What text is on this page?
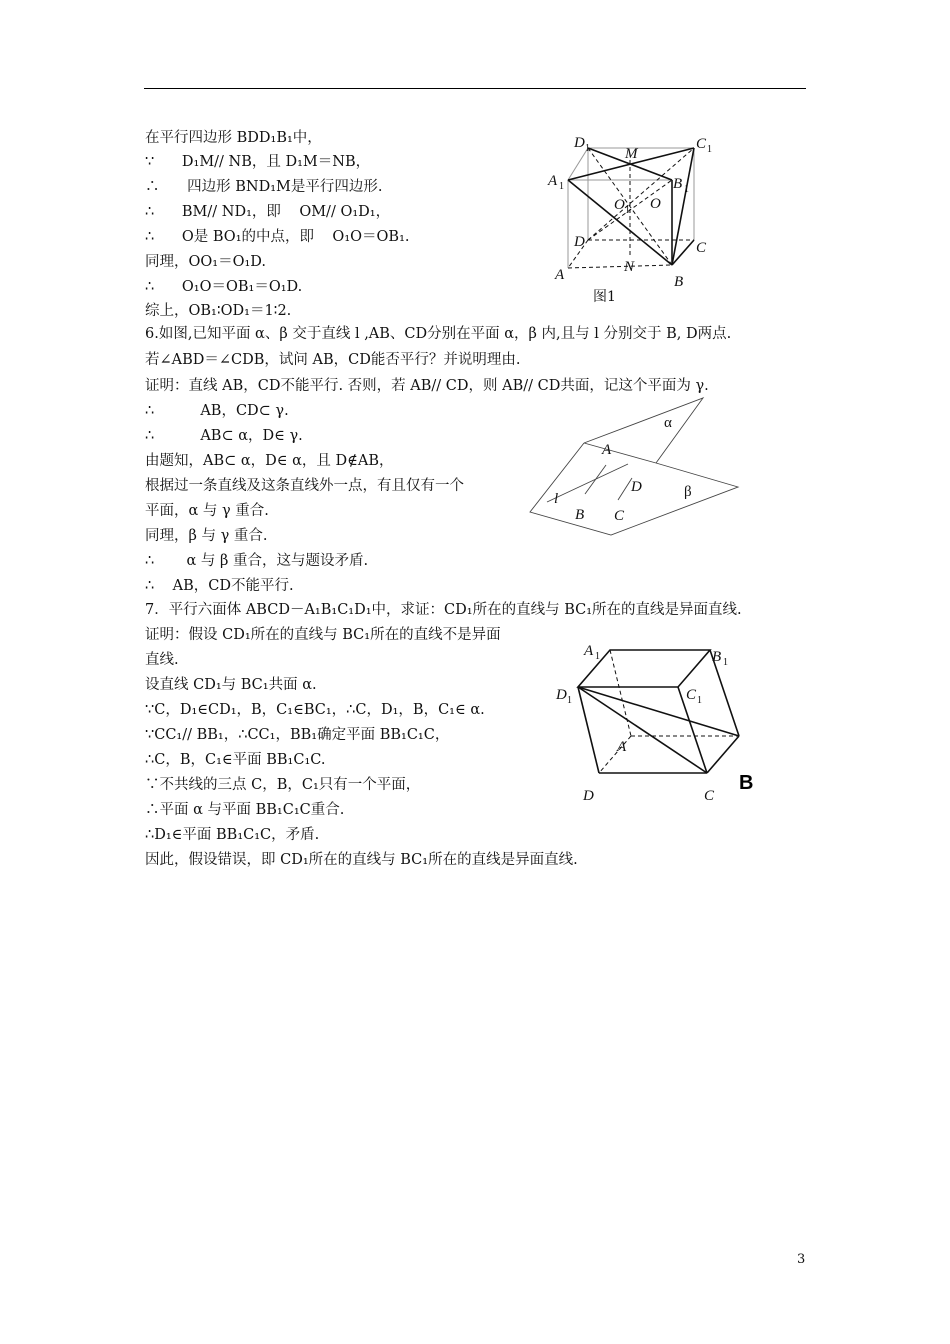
在平行四边形 BDD₁B₁中，
∵      D₁M// NB，且 D₁M＝NB，
∴      四边形 BND₁M是平行四边形.
∴      BM// ND₁，即    OM// O₁D₁，
∴      O是 BO₁的中点，即    O₁O＝OB₁.
同理，OO₁＝O₁D.
∴      O₁O＝OB₁＝O₁D.
综上，OB₁∶OD₁＝1∶2.
6.如图,已知平面 α、β 交于直线 l ,AB、CD分别在平面 α，β 内,且与 l 分别交于 B, D两点.
若∠ABD＝∠CDB，试问 AB，CD能否平行？并说明理由.
证明：直线 AB，CD不能平行. 否则，若 AB// CD，则 AB// CD共面，记这个平面为 γ.
∴          AB，CD⊂ γ.
∴          AB⊂ α，D∈ γ.
由题知，AB⊂ α，D∈ α，且 D∉AB，
根据过一条直线及这条直线外一点，有且仅有一个
平面，α 与 γ 重合.
同理，β 与 γ 重合.
∴       α 与 β 重合，这与题设矛盾.
∴    AB，CD不能平行.
7．平行六面体 ABCD－A₁B₁C₁D₁中，求证：CD₁所在的直线与 BC₁所在的直线是异面直线.
证明：假设 CD₁所在的直线与 BC₁所在的直线不是异面
直线.
设直线 CD₁与 BC₁共面 α.
∵C，D₁∈CD₁，B，C₁∈BC₁，∴C，D₁，B，C₁∈ α.
∵CC₁// BB₁，∴CC₁，BB₁确定平面 BB₁C₁C，
∴C，B，C₁∈平面 BB₁C₁C.
∵不共线的三点 C，B，C₁只有一个平面，
∴平面 α 与平面 BB₁C₁C重合.
∴D₁∈平面 BB₁C₁C，矛盾.
因此，假设错误，即 CD₁所在的直线与 BC₁所在的直线是异面直线.
D 1	C 1
A 1
M
B 1
O 1 O
D	C
A	N
B
图1
α
A
D	β
l
B C
A 1	B 1
D 1	C 1
A
D	C
B
3
